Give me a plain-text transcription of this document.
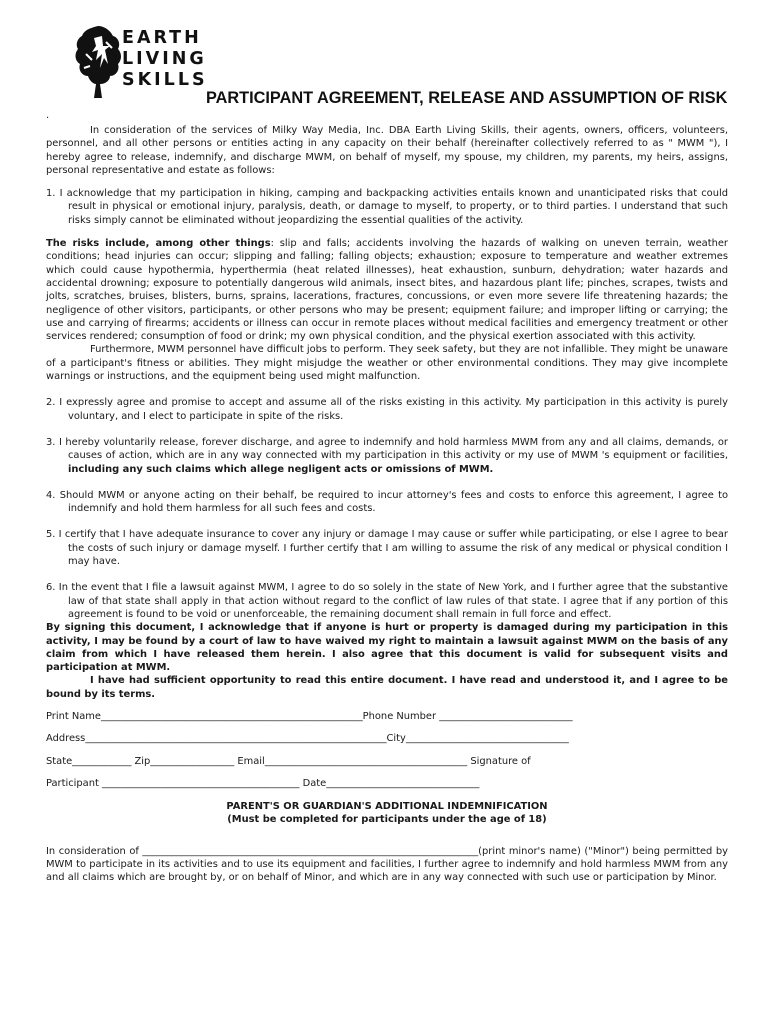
EARTH
LIVING
SKILLS
PARTICIPANT AGREEMENT, RELEASE AND ASSUMPTION OF RISK
.

In consideration of the services of Milky Way Media, Inc. DBA Earth Living Skills, their agents, owners, officers, volunteers, personnel, and all other persons or entities acting in any capacity on their behalf (hereinafter collectively referred to as " MWM "), I hereby agree to release, indemnify, and discharge MWM, on behalf of myself, my spouse, my children, my parents, my heirs, assigns, personal representative and estate as follows:

1. I acknowledge that my participation in hiking, camping and backpacking activities entails known and unanticipated risks that could result in physical or emotional injury, paralysis, death, or damage to myself, to property, or to third parties. I understand that such risks simply cannot be eliminated without jeopardizing the essential qualities of the activity.

The risks include, among other things: slip and falls; accidents involving the hazards of walking on uneven terrain, weather conditions; head injuries can occur; slipping and falling; falling objects; exhaustion; exposure to temperature and weather extremes which could cause hypothermia, hyperthermia (heat related illnesses), heat exhaustion, sunburn, dehydration; water hazards and accidental drowning; exposure to potentially dangerous wild animals, insect bites, and hazardous plant life; pinches, scrapes, twists and jolts, scratches, bruises, blisters, burns, sprains, lacerations, fractures, concussions, or even more severe life threatening hazards; the negligence of other visitors, participants, or other persons who may be present; equipment failure; and improper lifting or carrying; the use and carrying of firearms; accidents or illness can occur in remote places without medical facilities and emergency treatment or other services rendered; consumption of food or drink; my own physical condition, and the physical exertion associated with this activity.

Furthermore, MWM personnel have difficult jobs to perform. They seek safety, but they are not infallible. They might be unaware of a participant's fitness or abilities. They might misjudge the weather or other environmental conditions. They may give incomplete warnings or instructions, and the equipment being used might malfunction.

2. I expressly agree and promise to accept and assume all of the risks existing in this activity. My participation in this activity is purely voluntary, and I elect to participate in spite of the risks.

3. I hereby voluntarily release, forever discharge, and agree to indemnify and hold harmless MWM from any and all claims, demands, or causes of action, which are in any way connected with my participation in this activity or my use of MWM 's equipment or facilities, including any such claims which allege negligent acts or omissions of MWM.

4. Should MWM or anyone acting on their behalf, be required to incur attorney's fees and costs to enforce this agreement, I agree to indemnify and hold them harmless for all such fees and costs.

5. I certify that I have adequate insurance to cover any injury or damage I may cause or suffer while participating, or else I agree to bear the costs of such injury or damage myself. I further certify that I am willing to assume the risk of any medical or physical condition I may have.

6. In the event that I file a lawsuit against MWM, I agree to do so solely in the state of New York, and I further agree that the substantive law of that state shall apply in that action without regard to the conflict of law rules of that state. I agree that if any portion of this agreement is found to be void or unenforceable, the remaining document shall remain in full force and effect.

By signing this document, I acknowledge that if anyone is hurt or property is damaged during my participation in this activity, I may be found by a court of law to have waived my right to maintain a lawsuit against MWM on the basis of any claim from which I have released them herein. I also agree that this document is valid for subsequent visits and participation at MWM.

I have had sufficient opportunity to read this entire document. I have read and understood it, and I agree to be bound by its terms.

Print Name_____________________________________________________Phone Number ___________________________

Address_____________________________________________________________City_________________________________

State____________ Zip_________________ Email_________________________________________ Signature of

Participant ________________________________________ Date_______________________________

PARENT'S OR GUARDIAN'S ADDITIONAL INDEMNIFICATION

(Must be completed for participants under the age of 18)

In consideration of ____________________________________________________________________(print minor's name) ("Minor") being permitted by MWM to participate in its activities and to use its equipment and facilities, I further agree to indemnify and hold harmless MWM from any and all claims which are brought by, or on behalf of Minor, and which are in any way connected with such use or participation by Minor.
